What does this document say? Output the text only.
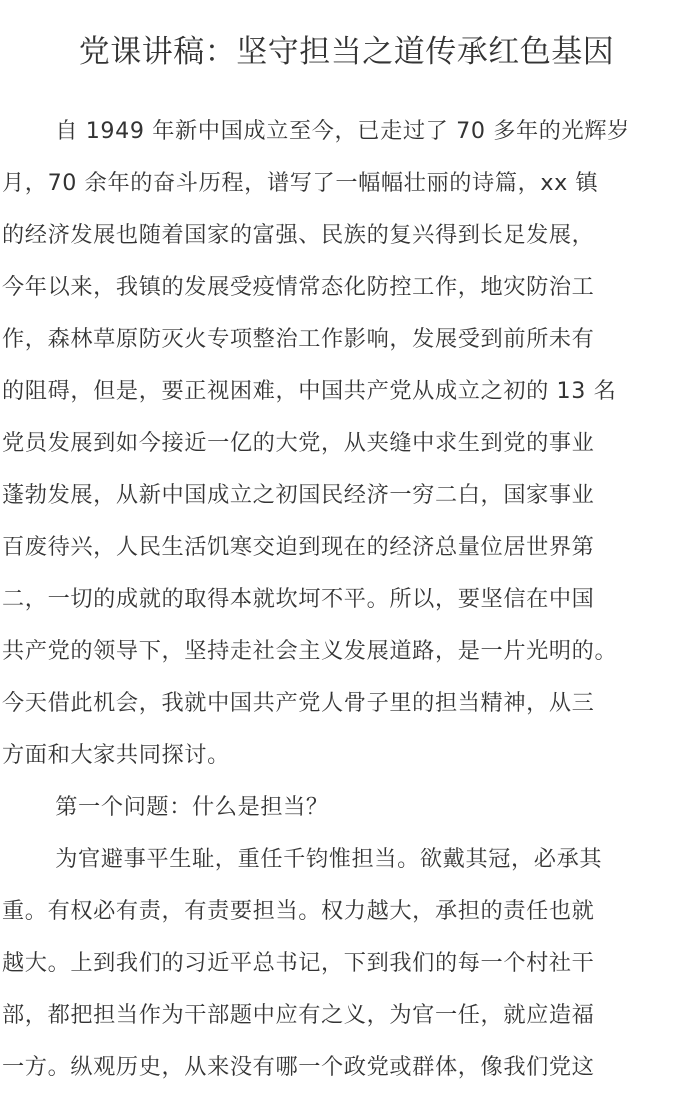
党课讲稿：坚守担当之道传承红色基因

自 1949 年新中国成立至今，已走过了 70 多年的光辉岁
月，70 余年的奋斗历程，谱写了一幅幅壮丽的诗篇，xx 镇
的经济发展也随着国家的富强、民族的复兴得到长足发展，
今年以来，我镇的发展受疫情常态化防控工作，地灾防治工
作，森林草原防灭火专项整治工作影响，发展受到前所未有
的阻碍，但是，要正视困难，中国共产党从成立之初的 13 名
党员发展到如今接近一亿的大党，从夹缝中求生到党的事业
蓬勃发展，从新中国成立之初国民经济一穷二白，国家事业
百废待兴，人民生活饥寒交迫到现在的经济总量位居世界第
二，一切的成就的取得本就坎坷不平。所以，要坚信在中国
共产党的领导下，坚持走社会主义发展道路，是一片光明的。
今天借此机会，我就中国共产党人骨子里的担当精神，从三
方面和大家共同探讨。

第一个问题：什么是担当？

为官避事平生耻，重任千钧惟担当。欲戴其冠，必承其
重。有权必有责，有责要担当。权力越大，承担的责任也就
越大。上到我们的习近平总书记，下到我们的每一个村社干
部，都把担当作为干部题中应有之义，为官一任，就应造福
一方。纵观历史，从来没有哪一个政党或群体，像我们党这
